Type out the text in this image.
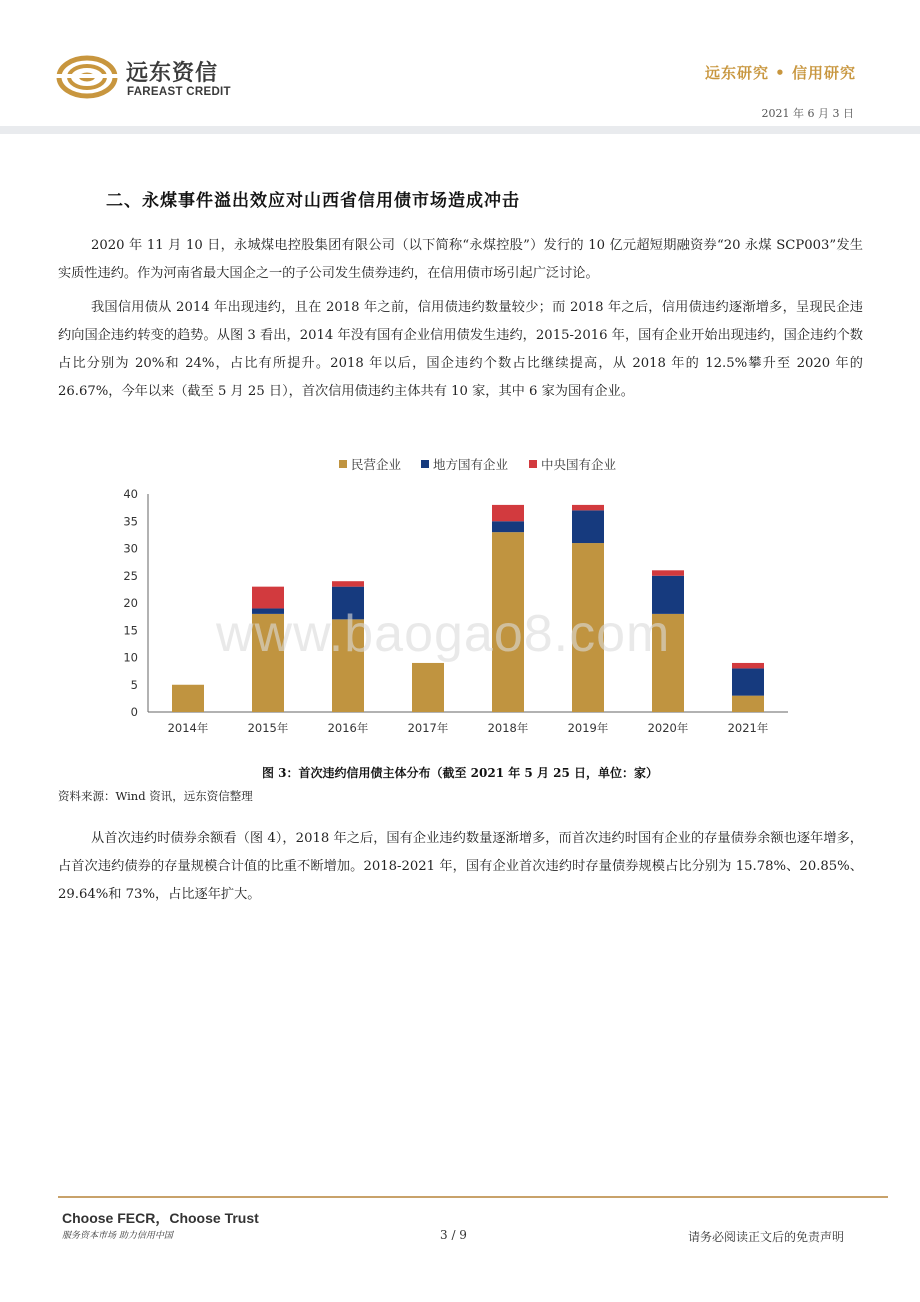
远东资信
FAREAST CREDIT
远东研究 • 信用研究
2021 年 6 月 3 日
二、永煤事件溢出效应对山西省信用债市场造成冲击

2020 年 11 月 10 日，永城煤电控股集团有限公司（以下简称“永煤控股”）发行的 10 亿元超短期融资券“20 永煤 SCP003”发生实质性违约。作为河南省最大国企之一的子公司发生债券违约，在信用债市场引起广泛讨论。

我国信用债从 2014 年出现违约，且在 2018 年之前，信用债违约数量较少；而 2018 年之后，信用债违约逐渐增多，呈现民企违约向国企违约转变的趋势。从图 3 看出，2014 年没有国有企业信用债发生违约，2015-2016 年，国有企业开始出现违约，国企违约个数占比分别为 20%和 24%，占比有所提升。2018 年以后，国企违约个数占比继续提高，从 2018 年的 12.5%攀升至 2020 年的 26.67%，今年以来（截至 5 月 25 日），首次信用债违约主体共有 10 家，其中 6 家为国有企业。

民营企业	地方国有企业	中央国有企业
0
5
10
15
20
25
30
35
40
2014年	2015年	2016年	2017年	2018年	2019年	2020年	2021年
www.baogao8.com
图 3：首次违约信用债主体分布（截至 2021 年 5 月 25 日，单位：家）
资料来源：Wind 资讯，远东资信整理

从首次违约时债券余额看（图 4），2018 年之后，国有企业违约数量逐渐增多，而首次违约时国有企业的存量债券余额也逐年增多，占首次违约债券的存量规模合计值的比重不断增加。2018-2021 年，国有企业首次违约时存量债券规模占比分别为 15.78%、20.85%、29.64%和 73%，占比逐年扩大。

Choose FECR，Choose Trust
服务资本市场 助力信用中国	3 / 9	请务必阅读正文后的免责声明
